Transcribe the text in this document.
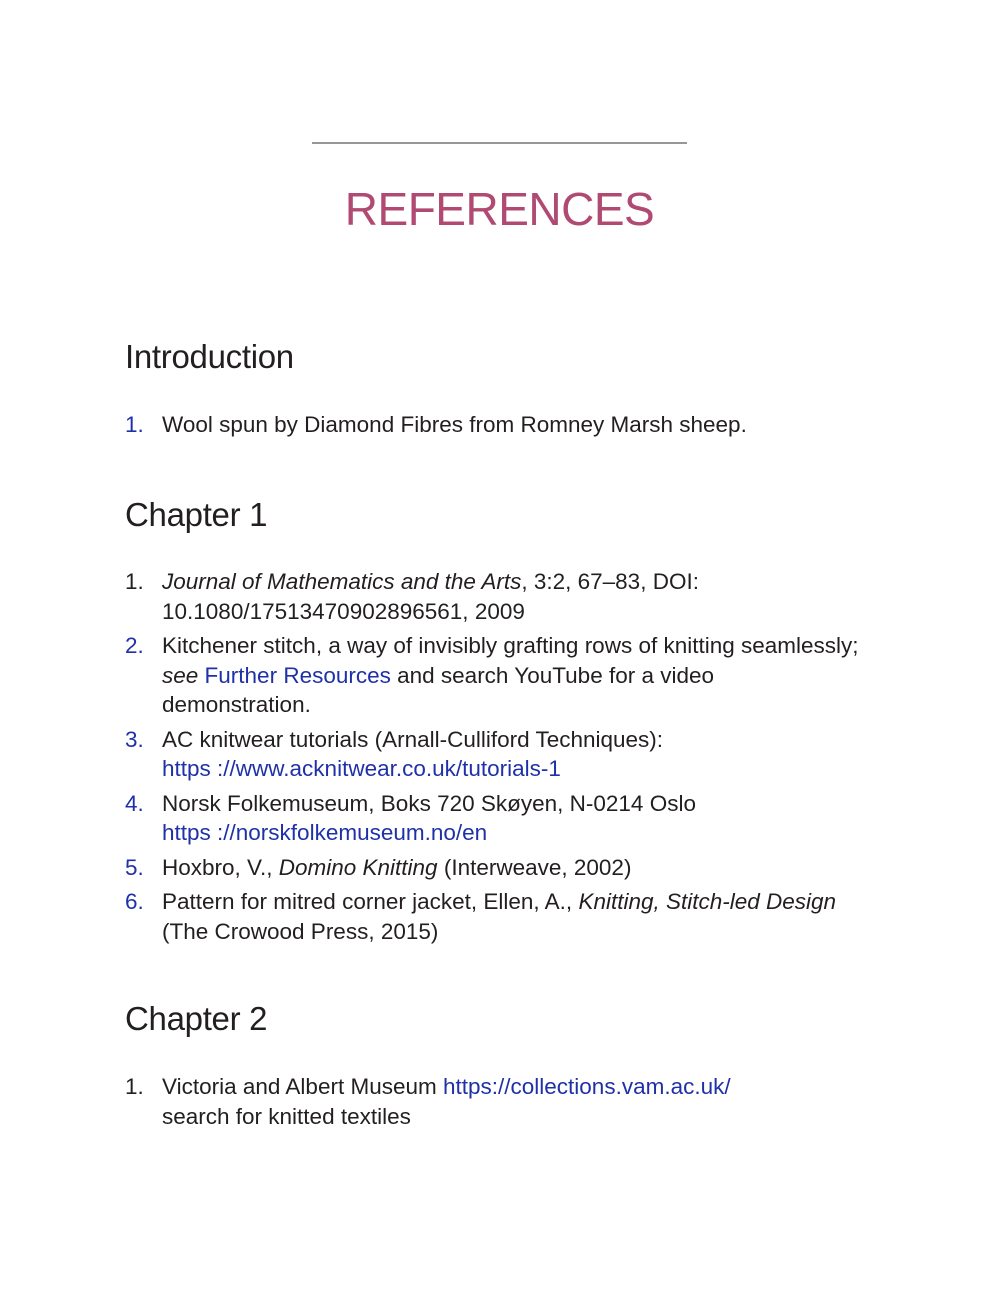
REFERENCES
Introduction
1. Wool spun by Diamond Fibres from Romney Marsh sheep.
Chapter 1
1. Journal of Mathematics and the Arts, 3:2, 67–83, DOI: 10.1080/17513470902896561, 2009
2. Kitchener stitch, a way of invisibly grafting rows of knitting seamlessly; see Further Resources and search YouTube for a video demonstration.
3. AC knitwear tutorials (Arnall-Culliford Techniques):
https ://www.acknitwear.co.uk/tutorials-1
4. Norsk Folkemuseum, Boks 720 Skøyen, N-0214 Oslo
https ://norskfolkemuseum.no/en
5. Hoxbro, V., Domino Knitting (Interweave, 2002)
6. Pattern for mitred corner jacket, Ellen, A., Knitting, Stitch-led Design (The Crowood Press, 2015)
Chapter 2
1. Victoria and Albert Museum https://collections.vam.ac.uk/
search for knitted textiles
